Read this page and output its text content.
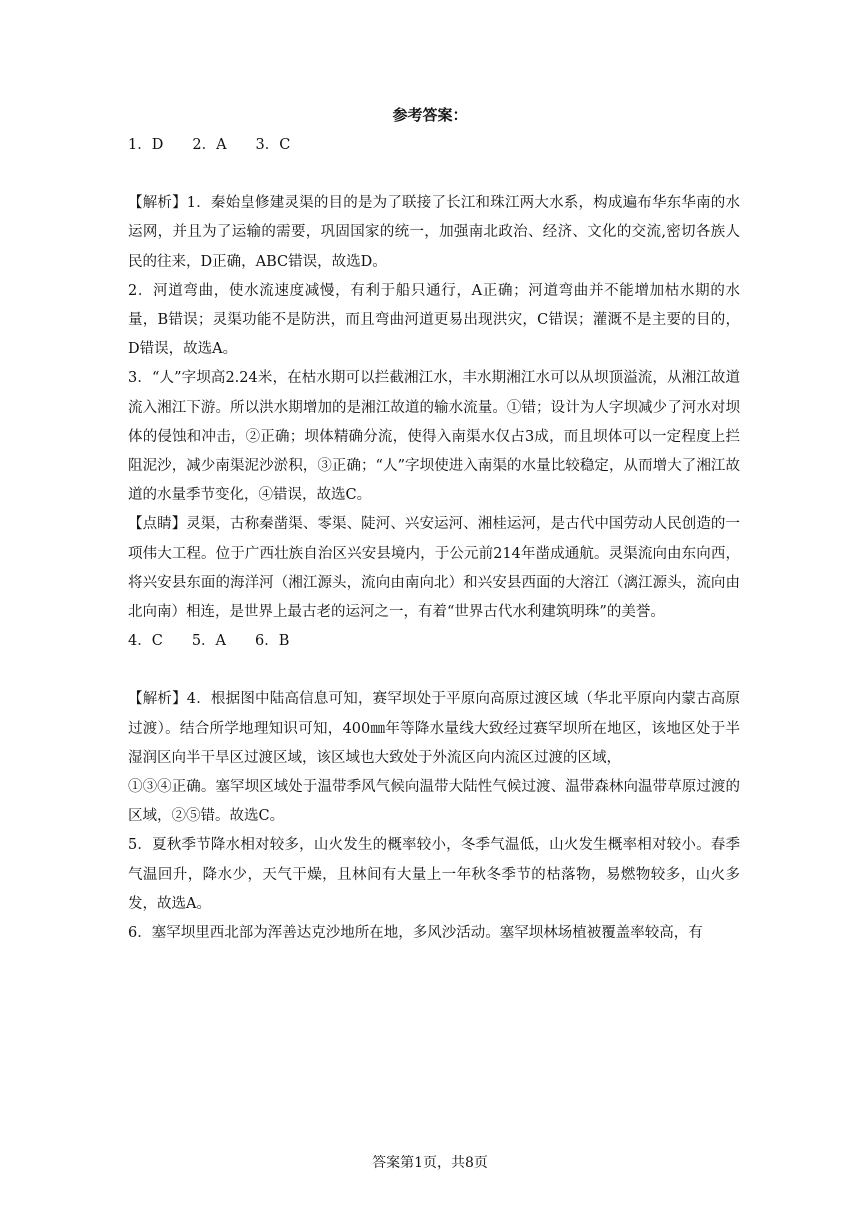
参考答案：

1．D　　2．A　　3．C

【解析】1．秦始皇修建灵渠的目的是为了联接了长江和珠江两大水系，构成遍布华东华南的水运网，并且为了运输的需要，巩固国家的统一，加强南北政治、经济、文化的交流,密切各族人民的往来，D正确，ABC错误，故选D。

2．河道弯曲，使水流速度减慢，有利于船只通行，A正确；河道弯曲并不能增加枯水期的水量，B错误；灵渠功能不是防洪，而且弯曲河道更易出现洪灾，C错误；灌溉不是主要的目的，D错误，故选A。

3．“人”字坝高2.24米，在枯水期可以拦截湘江水，丰水期湘江水可以从坝顶溢流，从湘江故道流入湘江下游。所以洪水期增加的是湘江故道的输水流量。①错；设计为人字坝减少了河水对坝体的侵蚀和冲击，②正确；坝体精确分流，使得入南渠水仅占3成，而且坝体可以一定程度上拦阻泥沙，减少南渠泥沙淤积，③正确；“人”字坝使进入南渠的水量比较稳定，从而增大了湘江故道的水量季节变化，④错误，故选C。

【点睛】灵渠，古称秦凿渠、零渠、陡河、兴安运河、湘桂运河，是古代中国劳动人民创造的一项伟大工程。位于广西壮族自治区兴安县境内，于公元前214年凿成通航。灵渠流向由东向西，将兴安县东面的海洋河（湘江源头，流向由南向北）和兴安县西面的大溶江（漓江源头，流向由北向南）相连，是世界上最古老的运河之一，有着“世界古代水利建筑明珠”的美誉。

4．C　　5．A　　6．B

【解析】4．根据图中陆高信息可知，赛罕坝处于平原向高原过渡区域（华北平原向内蒙古高原过渡）。结合所学地理知识可知，400㎜年等降水量线大致经过赛罕坝所在地区，该地区处于半湿润区向半干旱区过渡区域，该区域也大致处于外流区向内流区过渡的区域，

①③④正确。塞罕坝区域处于温带季风气候向温带大陆性气候过渡、温带森林向温带草原过渡的区域，②⑤错。故选C。

5．夏秋季节降水相对较多，山火发生的概率较小，冬季气温低，山火发生概率相对较小。春季气温回升，降水少，天气干燥，且林间有大量上一年秋冬季节的枯落物，易燃物较多，山火多发，故选A。

6．塞罕坝里西北部为浑善达克沙地所在地，多风沙活动。塞罕坝林场植被覆盖率较高，有

答案第1页，共8页
